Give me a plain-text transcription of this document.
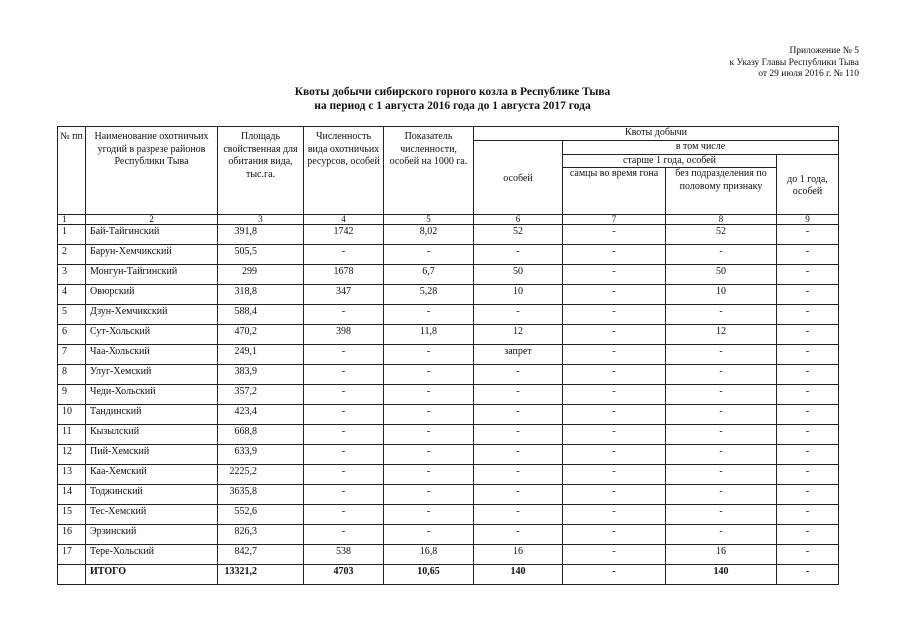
Приложение № 5
к Указу Главы Республики Тыва
от 29 июля 2016 г. № 110
Квоты добычи сибирского горного козла в Республике Тыва
на период с 1 августа 2016 года до 1 августа 2017 года
№ пп	Наименование охотничьих угодий в разрезе районов Республики Тыва	Площадь свойственная для обитания вида, тыс.га.	Численность вида охотничьих ресурсов, особей	Показатель численности, особей на 1000 га.	Квоты добычи			
					особей	в том числе		
						старше 1 года, особей		до 1 года, особей
						самцы во время гона	без подразделения по половому признаку	
1	2	3	4	5	6	7	8	9
1	Бай-Тайгинский	391,8	1742	8,02	52	-	52	-
2	Барун-Хемчикский	505,5	-	-	-	-	-	-
3	Монгун-Тайгинский	299	1678	6,7	50	-	50	-
4	Овюрский	318,8	347	5,28	10	-	10	-
5	Дзун-Хемчикский	588,4	-	-	-	-	-	-
6	Сут-Хольский	470,2	398	11,8	12	-	12	-
7	Чаа-Хольский	249,1	-	-	запрет	-	-	-
8	Улуг-Хемский	383,9	-	-	-	-	-	-
9	Чеди-Хольский	357,2	-	-	-	-	-	-
10	Тандинский	423,4	-	-	-	-	-	-
11	Кызылский	668,8	-	-	-	-	-	-
12	Пий-Хемский	633,9	-	-	-	-	-	-
13	Каа-Хемский	2225,2	-	-	-	-	-	-
14	Тоджинский	3635,8	-	-	-	-	-	-
15	Тес-Хемский	552,6	-	-	-	-	-	-
16	Эрзинский	826,3	-	-	-	-	-	-
17	Тере-Хольский	842,7	538	16,8	16	-	16	-
	ИТОГО	13321,2	4703	10,65	140	-	140	-
